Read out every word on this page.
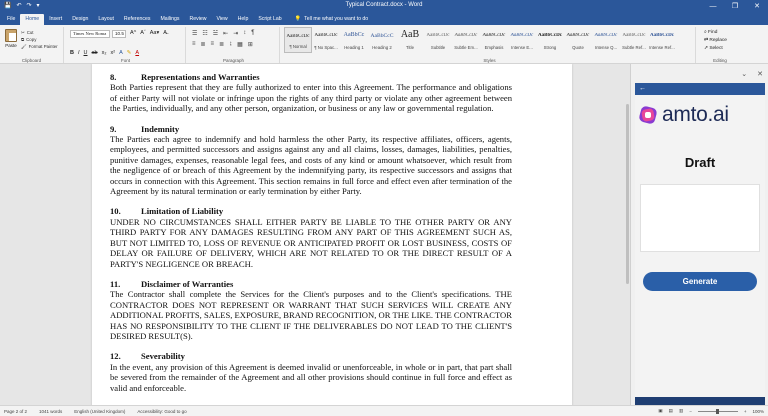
💾 ↶ ↷ ▾	Typical Contract.docx - Word	—	❐	✕
File	Home	Insert	Design	Layout	References	Mailings	Review	View	Help	Script Lab	💡 Tell me what you want to do
Paste
✂ Cut
⧉ Copy
🖌 Format Painter
Clipboard
Times New Roma	10.5	A^ Aˇ Aa▾ A̶
B I U ab x₂ x² A ✎ A
Font
☰ ☷ ☱ ⇤ ⇥ ↕ ¶
≡ ≣ ≡ ≣ ↨ ▦ ⊞
Paragraph
AaBbCcDc
¶ Normal
AaBbCcDc
¶ No Spac...
AaBbCc
Heading 1
AaBbCcC
Heading 2
AaB
Title
AaBbCcDc
Subtitle
AaBbCcDc
Subtle Em...
AaBbCcDc
Emphasis
AaBbCcDc
Intense E...
AaBbCcDc
Strong
AaBbCcDc
Quote
AaBbCcDc
Intense Q...
AaBbCcDc
Subtle Ref...
AaBbCcDc
Intense Ref...
Styles
⌕ Find
⇄ Replace
➚ Select
Editing
8.	Representations and Warranties
Both Parties represent that they are fully authorized to enter into this Agreement. The performance and obligations of either Party will not violate or infringe upon the rights of any third party or violate any other agreement between the Parties, individually, and any other person, organization, or business or any law or governmental regulation.
9.	Indemnity
The Parties each agree to indemnify and hold harmless the other Party, its respective affiliates, officers, agents, employees, and permitted successors and assigns against any and all claims, losses, damages, liabilities, penalties, punitive damages, expenses, reasonable legal fees, and costs of any kind or amount whatsoever, which result from the negligence of or breach of this Agreement by the indemnifying party, its respective successors and assigns that occurs in connection with this Agreement. This section remains in full force and effect even after termination of the Agreement by its natural termination or early termination by either Party.
10.	Limitation of Liability
UNDER NO CIRCUMSTANCES SHALL EITHER PARTY BE LIABLE TO THE OTHER PARTY OR ANY THIRD PARTY FOR ANY DAMAGES RESULTING FROM ANY PART OF THIS AGREEMENT SUCH AS, BUT NOT LIMITED TO, LOSS OF REVENUE OR ANTICIPATED PROFIT OR LOST BUSINESS, COSTS OF DELAY OR FAILURE OF DELIVERY, WHICH ARE NOT RELATED TO OR THE DIRECT RESULT OF A PARTY'S NEGLIGENCE OR BREACH.
11.	Disclaimer of Warranties
The Contractor shall complete the Services for the Client's purposes and to the Client's specifications. THE CONTRACTOR DOES NOT REPRESENT OR WARRANT THAT SUCH SERVICES WILL CREATE ANY ADDITIONAL PROFITS, SALES, EXPOSURE, BRAND RECOGNITION, OR THE LIKE. THE CONTRACTOR HAS NO RESPONSIBILITY TO THE CLIENT IF THE DELIVERABLES DO NOT LEAD TO THE CLIENT'S DESIRED RESULT(S).
12.	Severability
In the event, any provision of this Agreement is deemed invalid or unenforceable, in whole or in part, that part shall be severed from the remainder of the Agreement and all other provisions should continue in full force and effect as valid and enforceable.
⌄ ✕
←
amto.ai
Draft
Generate
Page 2 of 2	1041 words	English (United Kingdom)	Accessibility: Good to go	▣ ▤ ▥ −	+ 100%
